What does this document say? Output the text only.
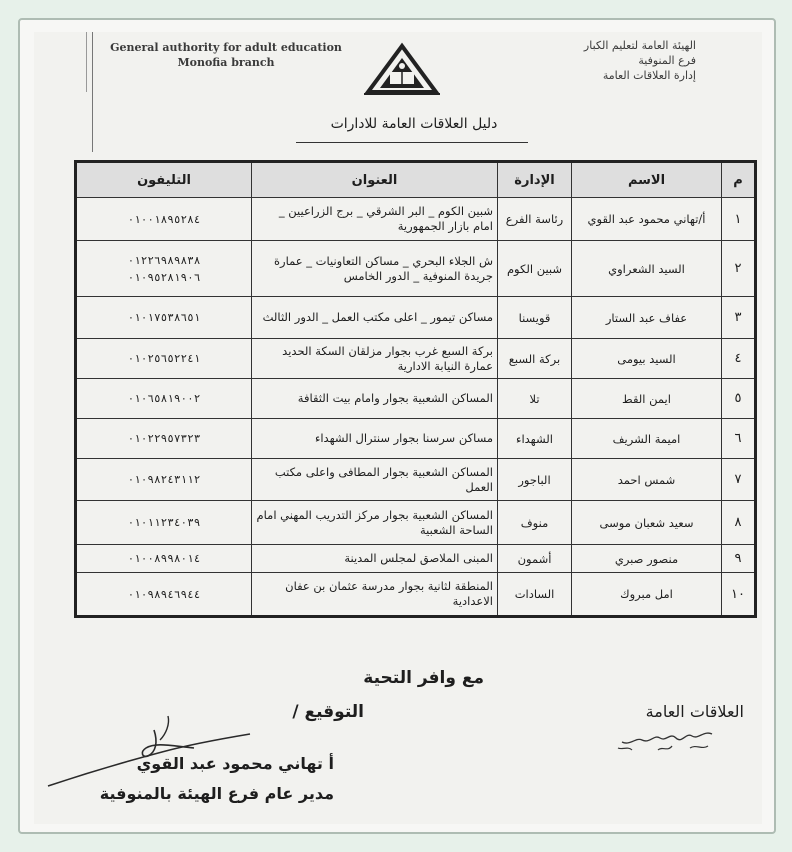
General authority for adult education
Monofia branch
الهيئة العامة لتعليم الكبار
فرع المنوفية
إدارة العلاقات العامة
دليل العلاقات العامة للادارات
م	الاسم	الإدارة	العنوان	التليفون
١	أ/تهاني محمود عبد القوي	رئاسة الفرع	شبين الكوم _ البر الشرقي _ برج الزراعيين _ امام بازار الجمهورية	٠١٠٠١٨٩٥٢٨٤
٢	السيد الشعراوي	شبين الكوم	ش الجلاء البحري _ مساكن التعاونيات _ عمارة جريدة المنوفية _ الدور الخامس	٠١٢٢٦٩٨٩٨٣٨
٠١٠٩٥٢٨١٩٠٦

٣	عفاف عبد الستار	قويسنا	مساكن تيمور _ اعلى مكتب العمل _ الدور الثالث	٠١٠١٧٥٣٨٦٥١
٤	السيد بيومى	بركة السبع	بركة السبع غرب بجوار مزلقان السكة الحديد عمارة النيابة الادارية	٠١٠٢٥٦٥٢٢٤١
٥	ايمن القط	تلا	المساكن الشعبية بجوار وامام بيت الثقافة	٠١٠٦٥٨١٩٠٠٢
٦	اميمة الشريف	الشهداء	مساكن سرسنا بجوار سنترال الشهداء	٠١٠٢٢٩٥٧٣٢٣
٧	شمس احمد	الباجور	المساكن الشعبية بجوار المطافى واعلى مكتب العمل	٠١٠٩٨٢٤٣١١٢
٨	سعيد شعبان موسى	منوف	المساكن الشعبية بجوار مركز التدريب المهني امام الساحة الشعبية	٠١٠١١٢٣٤٠٣٩
٩	منصور صبري	أشمون	المبنى الملاصق لمجلس المدينة	٠١٠٠٨٩٩٨٠١٤
١٠	امل مبروك	السادات	المنطقة لثانية بجوار مدرسة عثمان بن عفان الاعدادية	٠١٠٩٨٩٤٦٩٤٤
مع وافر التحية
التوقيع /	العلاقات العامة
أ تهاني محمود عبد القوي
مدير عام فرع الهيئة بالمنوفية
